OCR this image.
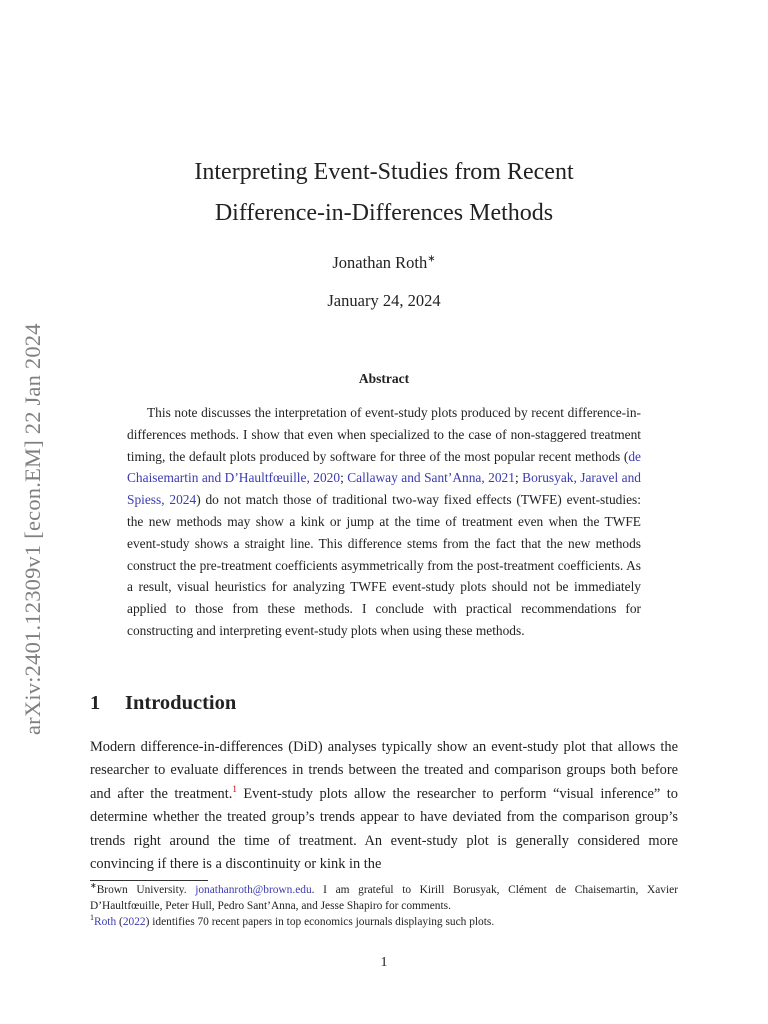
arXiv:2401.12309v1 [econ.EM] 22 Jan 2024
Interpreting Event-Studies from Recent
Difference-in-Differences Methods
Jonathan Roth∗
January 24, 2024
Abstract
This note discusses the interpretation of event-study plots produced by recent difference-in-differences methods. I show that even when specialized to the case of non-staggered treatment timing, the default plots produced by software for three of the most popular recent methods (de Chaisemartin and D’Haultfœuille, 2020; Callaway and Sant’Anna, 2021; Borusyak, Jaravel and Spiess, 2024) do not match those of traditional two-way fixed effects (TWFE) event-studies: the new methods may show a kink or jump at the time of treatment even when the TWFE event-study shows a straight line. This difference stems from the fact that the new methods construct the pre-treatment coefficients asymmetrically from the post-treatment coefficients. As a result, visual heuristics for analyzing TWFE event-study plots should not be immediately applied to those from these methods. I conclude with practical recommendations for constructing and interpreting event-study plots when using these methods.
1 Introduction
Modern difference-in-differences (DiD) analyses typically show an event-study plot that allows the researcher to evaluate differences in trends between the treated and comparison groups both before and after the treatment.$^1$ Event-study plots allow the researcher to perform “visual inference” to determine whether the treated group’s trends appear to have deviated from the comparison group’s trends right around the time of treatment. An event-study plot is generally considered more convincing if there is a discontinuity or kink in the
∗Brown University. jonathanroth@brown.edu. I am grateful to Kirill Borusyak, Clément de Chaisemartin, Xavier D’Haultfœuille, Peter Hull, Pedro Sant’Anna, and Jesse Shapiro for comments.
$^1$Roth (2022) identifies 70 recent papers in top economics journals displaying such plots.
1
